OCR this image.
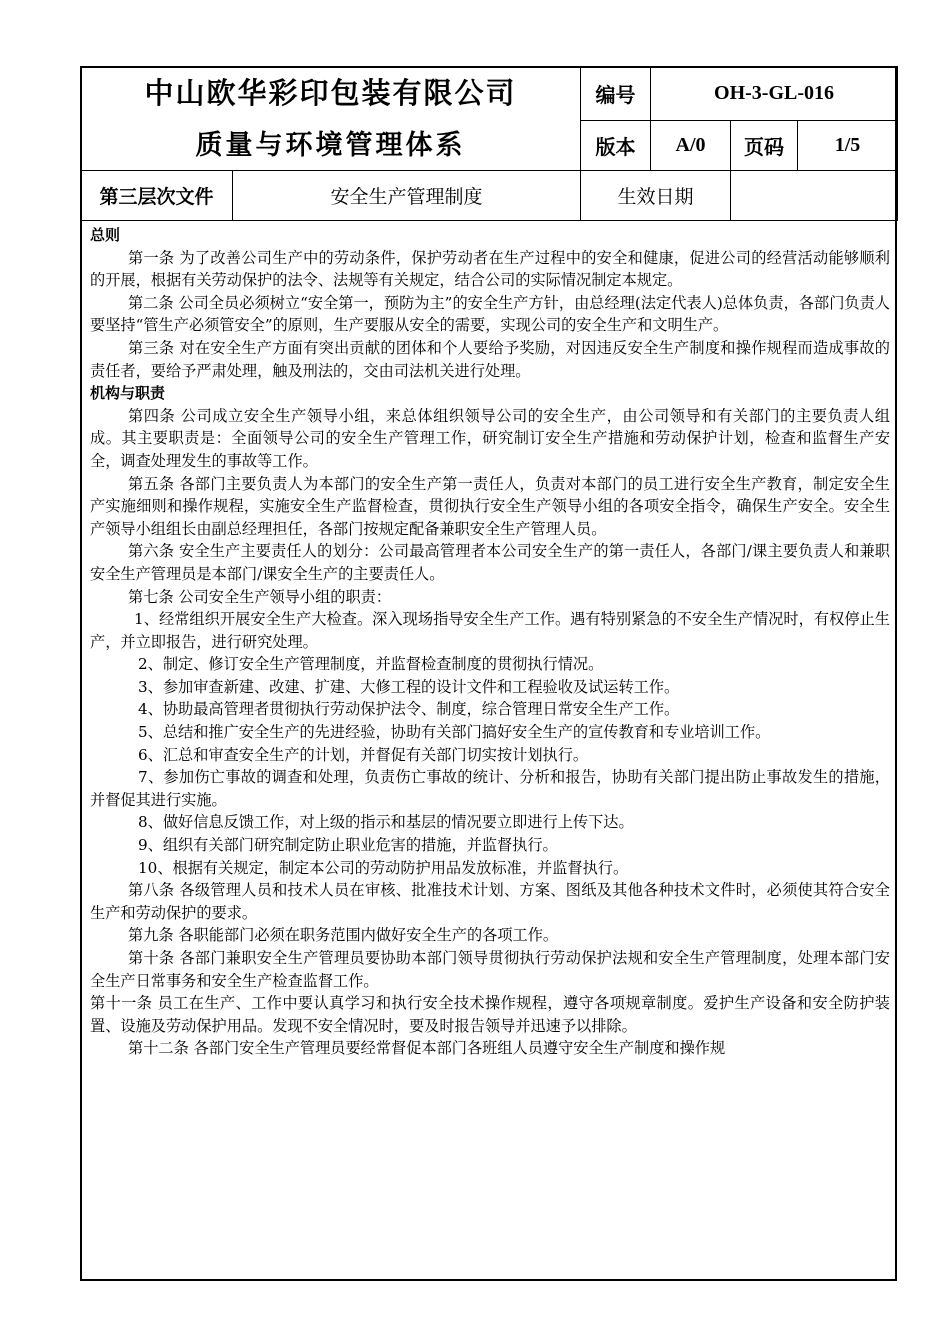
中山欧华彩印包装有限公司		编号	OH-3-GL-016		
质量与环境管理体系		版本	A/0	页码	1/5
第三层次文件	安全生产管理制度	生效日期			

总则

第一条 为了改善公司生产中的劳动条件，保护劳动者在生产过程中的安全和健康，促进公司的经营活动能够顺利的开展，根据有关劳动保护的法令、法规等有关规定，结合公司的实际情况制定本规定。

第二条 公司全员必须树立“安全第一，预防为主”的安全生产方针，由总经理(法定代表人)总体负责，各部门负责人要坚持“管生产必须管安全”的原则，生产要服从安全的需要，实现公司的安全生产和文明生产。

第三条 对在安全生产方面有突出贡献的团体和个人要给予奖励，对因违反安全生产制度和操作规程而造成事故的责任者，要给予严肃处理，触及刑法的，交由司法机关进行处理。

机构与职责

第四条 公司成立安全生产领导小组，来总体组织领导公司的安全生产，由公司领导和有关部门的主要负责人组成。其主要职责是：全面领导公司的安全生产管理工作，研究制订安全生产措施和劳动保护计划，检查和监督生产安全，调查处理发生的事故等工作。

第五条 各部门主要负责人为本部门的安全生产第一责任人，负责对本部门的员工进行安全生产教育，制定安全生产实施细则和操作规程，实施安全生产监督检查，贯彻执行安全生产领导小组的各项安全指令，确保生产安全。安全生产领导小组组长由副总经理担任，各部门按规定配备兼职安全生产管理人员。

第六条 安全生产主要责任人的划分：公司最高管理者本公司安全生产的第一责任人，各部门/课主要负责人和兼职安全生产管理员是本部门/课安全生产的主要责任人。

第七条 公司安全生产领导小组的职责：

1、经常组织开展安全生产大检查。深入现场指导安全生产工作。遇有特别紧急的不安全生产情况时，有权停止生产，并立即报告，进行研究处理。

2、制定、修订安全生产管理制度，并监督检查制度的贯彻执行情况。

3、参加审查新建、改建、扩建、大修工程的设计文件和工程验收及试运转工作。

4、协助最高管理者贯彻执行劳动保护法令、制度，综合管理日常安全生产工作。

5、总结和推广安全生产的先进经验，协助有关部门搞好安全生产的宣传教育和专业培训工作。

6、汇总和审查安全生产的计划，并督促有关部门切实按计划执行。

7、参加伤亡事故的调查和处理，负责伤亡事故的统计、分析和报告，协助有关部门提出防止事故发生的措施，并督促其进行实施。

8、做好信息反馈工作，对上级的指示和基层的情况要立即进行上传下达。

9、组织有关部门研究制定防止职业危害的措施，并监督执行。

10、根据有关规定，制定本公司的劳动防护用品发放标准，并监督执行。

第八条 各级管理人员和技术人员在审核、批准技术计划、方案、图纸及其他各种技术文件时，必须使其符合安全生产和劳动保护的要求。

第九条 各职能部门必须在职务范围内做好安全生产的各项工作。

第十条 各部门兼职安全生产管理员要协助本部门领导贯彻执行劳动保护法规和安全生产管理制度，处理本部门安全生产日常事务和安全生产检查监督工作。

第十一条 员工在生产、工作中要认真学习和执行安全技术操作规程，遵守各项规章制度。爱护生产设备和安全防护装置、设施及劳动保护用品。发现不安全情况时，要及时报告领导并迅速予以排除。

第十二条 各部门安全生产管理员要经常督促本部门各班组人员遵守安全生产制度和操作规
